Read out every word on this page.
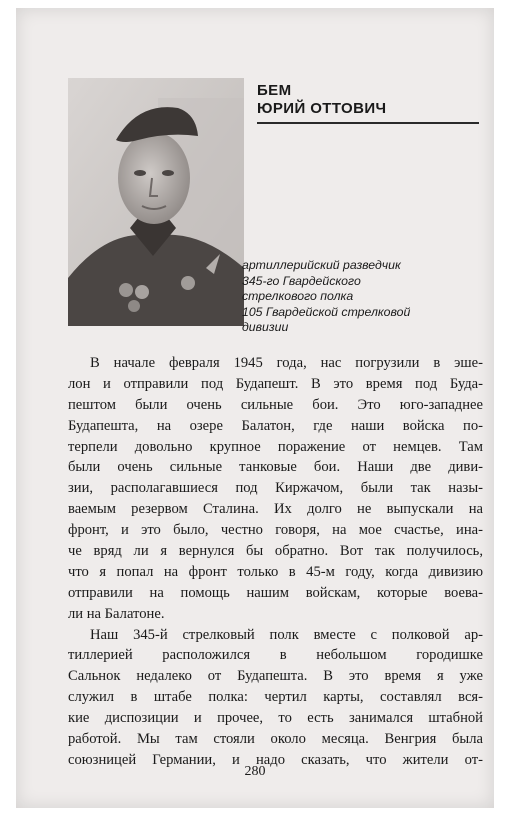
БЕМ
ЮРИЙ ОТТОВИЧ
артиллерийский разведчик
345-го Гвардейского
стрелкового полка
105 Гвардейской стрелковой
дивизии
В начале февраля 1945 года, нас погрузили в эше-
лон и отправили под Будапешт. В это время под Буда-
пештом были очень сильные бои. Это юго-западнее
Будапешта, на озере Балатон, где наши войска по-
терпели довольно крупное поражение от немцев. Там
были очень сильные танковые бои. Наши две диви-
зии, располагавшиеся под Киржачом, были так назы-
ваемым резервом Сталина. Их долго не выпускали на
фронт, и это было, честно говоря, на мое счастье, ина-
че вряд ли я вернулся бы обратно. Вот так получилось,
что я попал на фронт только в 45-м году, когда дивизию
отправили на помощь нашим войскам, которые воева-
ли на Балатоне.
Наш 345-й стрелковый полк вместе с полковой ар-
тиллерией расположился в небольшом городишке
Сальнок недалеко от Будапешта. В это время я уже
служил в штабе полка: чертил карты, составлял вся-
кие диспозиции и прочее, то есть занимался штабной
работой. Мы там стояли около месяца. Венгрия была
союзницей Германии, и надо сказать, что жители от-
280
